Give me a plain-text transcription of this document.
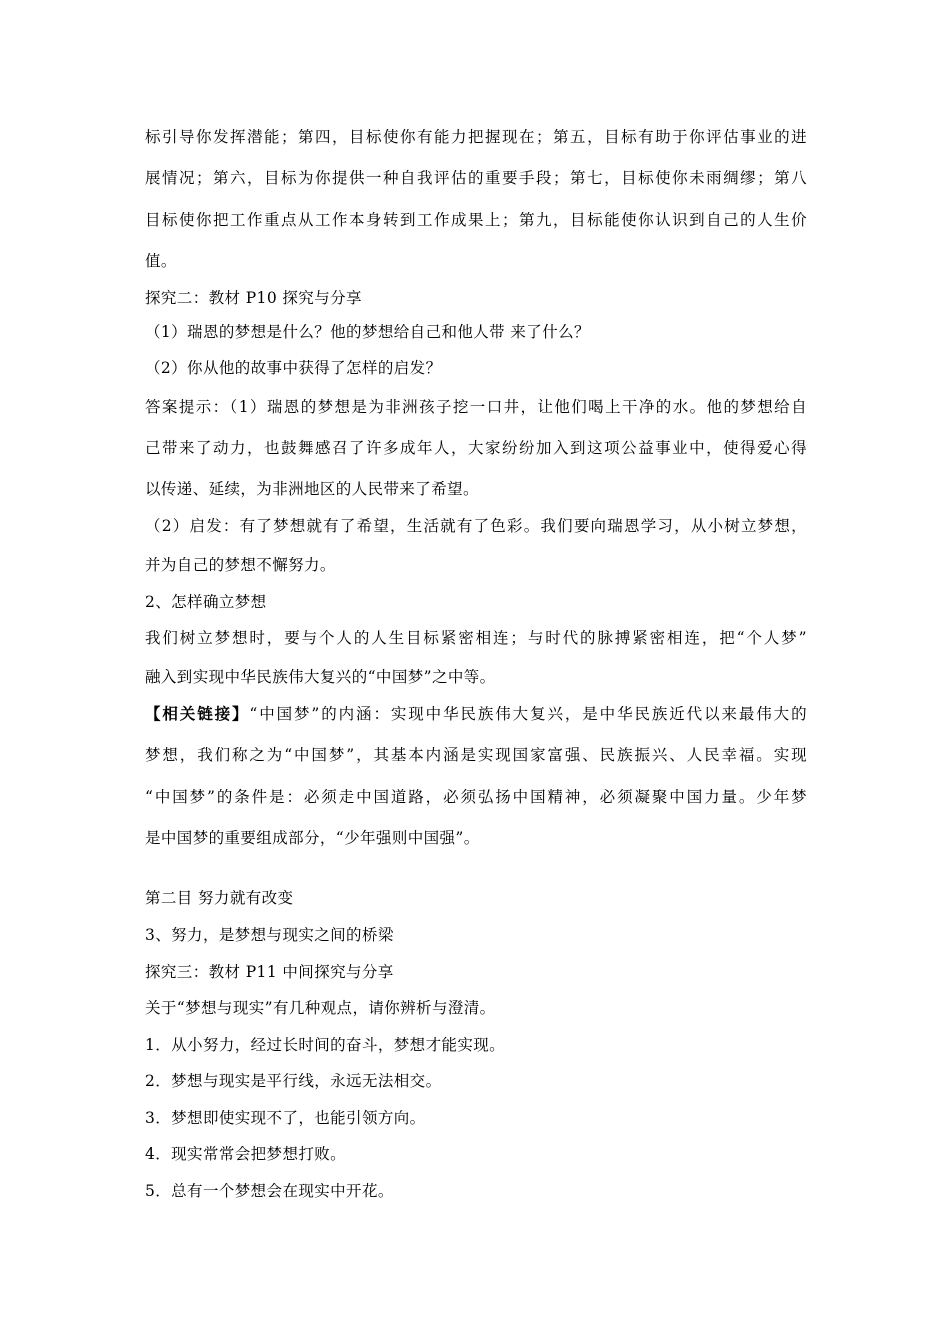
标引导你发挥潜能；第四，目标使你有能力把握现在；第五，目标有助于你评估事业的进
展情况；第六，目标为你提供一种自我评估的重要手段；第七，目标使你未雨绸缪；第八
目标使你把工作重点从工作本身转到工作成果上；第九，目标能使你认识到自己的人生价
值。
探究二：教材 P10 探究与分享
（1）瑞恩的梦想是什么？他的梦想给自己和他人带 来了什么？
（2）你从他的故事中获得了怎样的启发？
答案提示：（1）瑞恩的梦想是为非洲孩子挖一口井，让他们喝上干净的水。他的梦想给自
己带来了动力，也鼓舞感召了许多成年人，大家纷纷加入到这项公益事业中，使得爱心得
以传递、延续，为非洲地区的人民带来了希望。
（2）启发：有了梦想就有了希望，生活就有了色彩。我们要向瑞恩学习，从小树立梦想，
并为自己的梦想不懈努力。
2、怎样确立梦想
我们树立梦想时，要与个人的人生目标紧密相连；与时代的脉搏紧密相连，把“个人梦”
融入到实现中华民族伟大复兴的“中国梦”之中等。
【相关链接】“中国梦”的内涵：实现中华民族伟大复兴，是中华民族近代以来最伟大的
梦想，我们称之为“中国梦”，其基本内涵是实现国家富强、民族振兴、人民幸福。实现
“中国梦”的条件是：必须走中国道路，必须弘扬中国精神，必须凝聚中国力量。少年梦
是中国梦的重要组成部分，“少年强则中国强”。
第二目 努力就有改变
3、努力，是梦想与现实之间的桥梁
探究三：教材 P11 中间探究与分享
关于“梦想与现实”有几种观点，请你辨析与澄清。
1．从小努力，经过长时间的奋斗，梦想才能实现。
2．梦想与现实是平行线，永远无法相交。
3．梦想即使实现不了，也能引领方向。
4．现实常常会把梦想打败。
5．总有一个梦想会在现实中开花。
